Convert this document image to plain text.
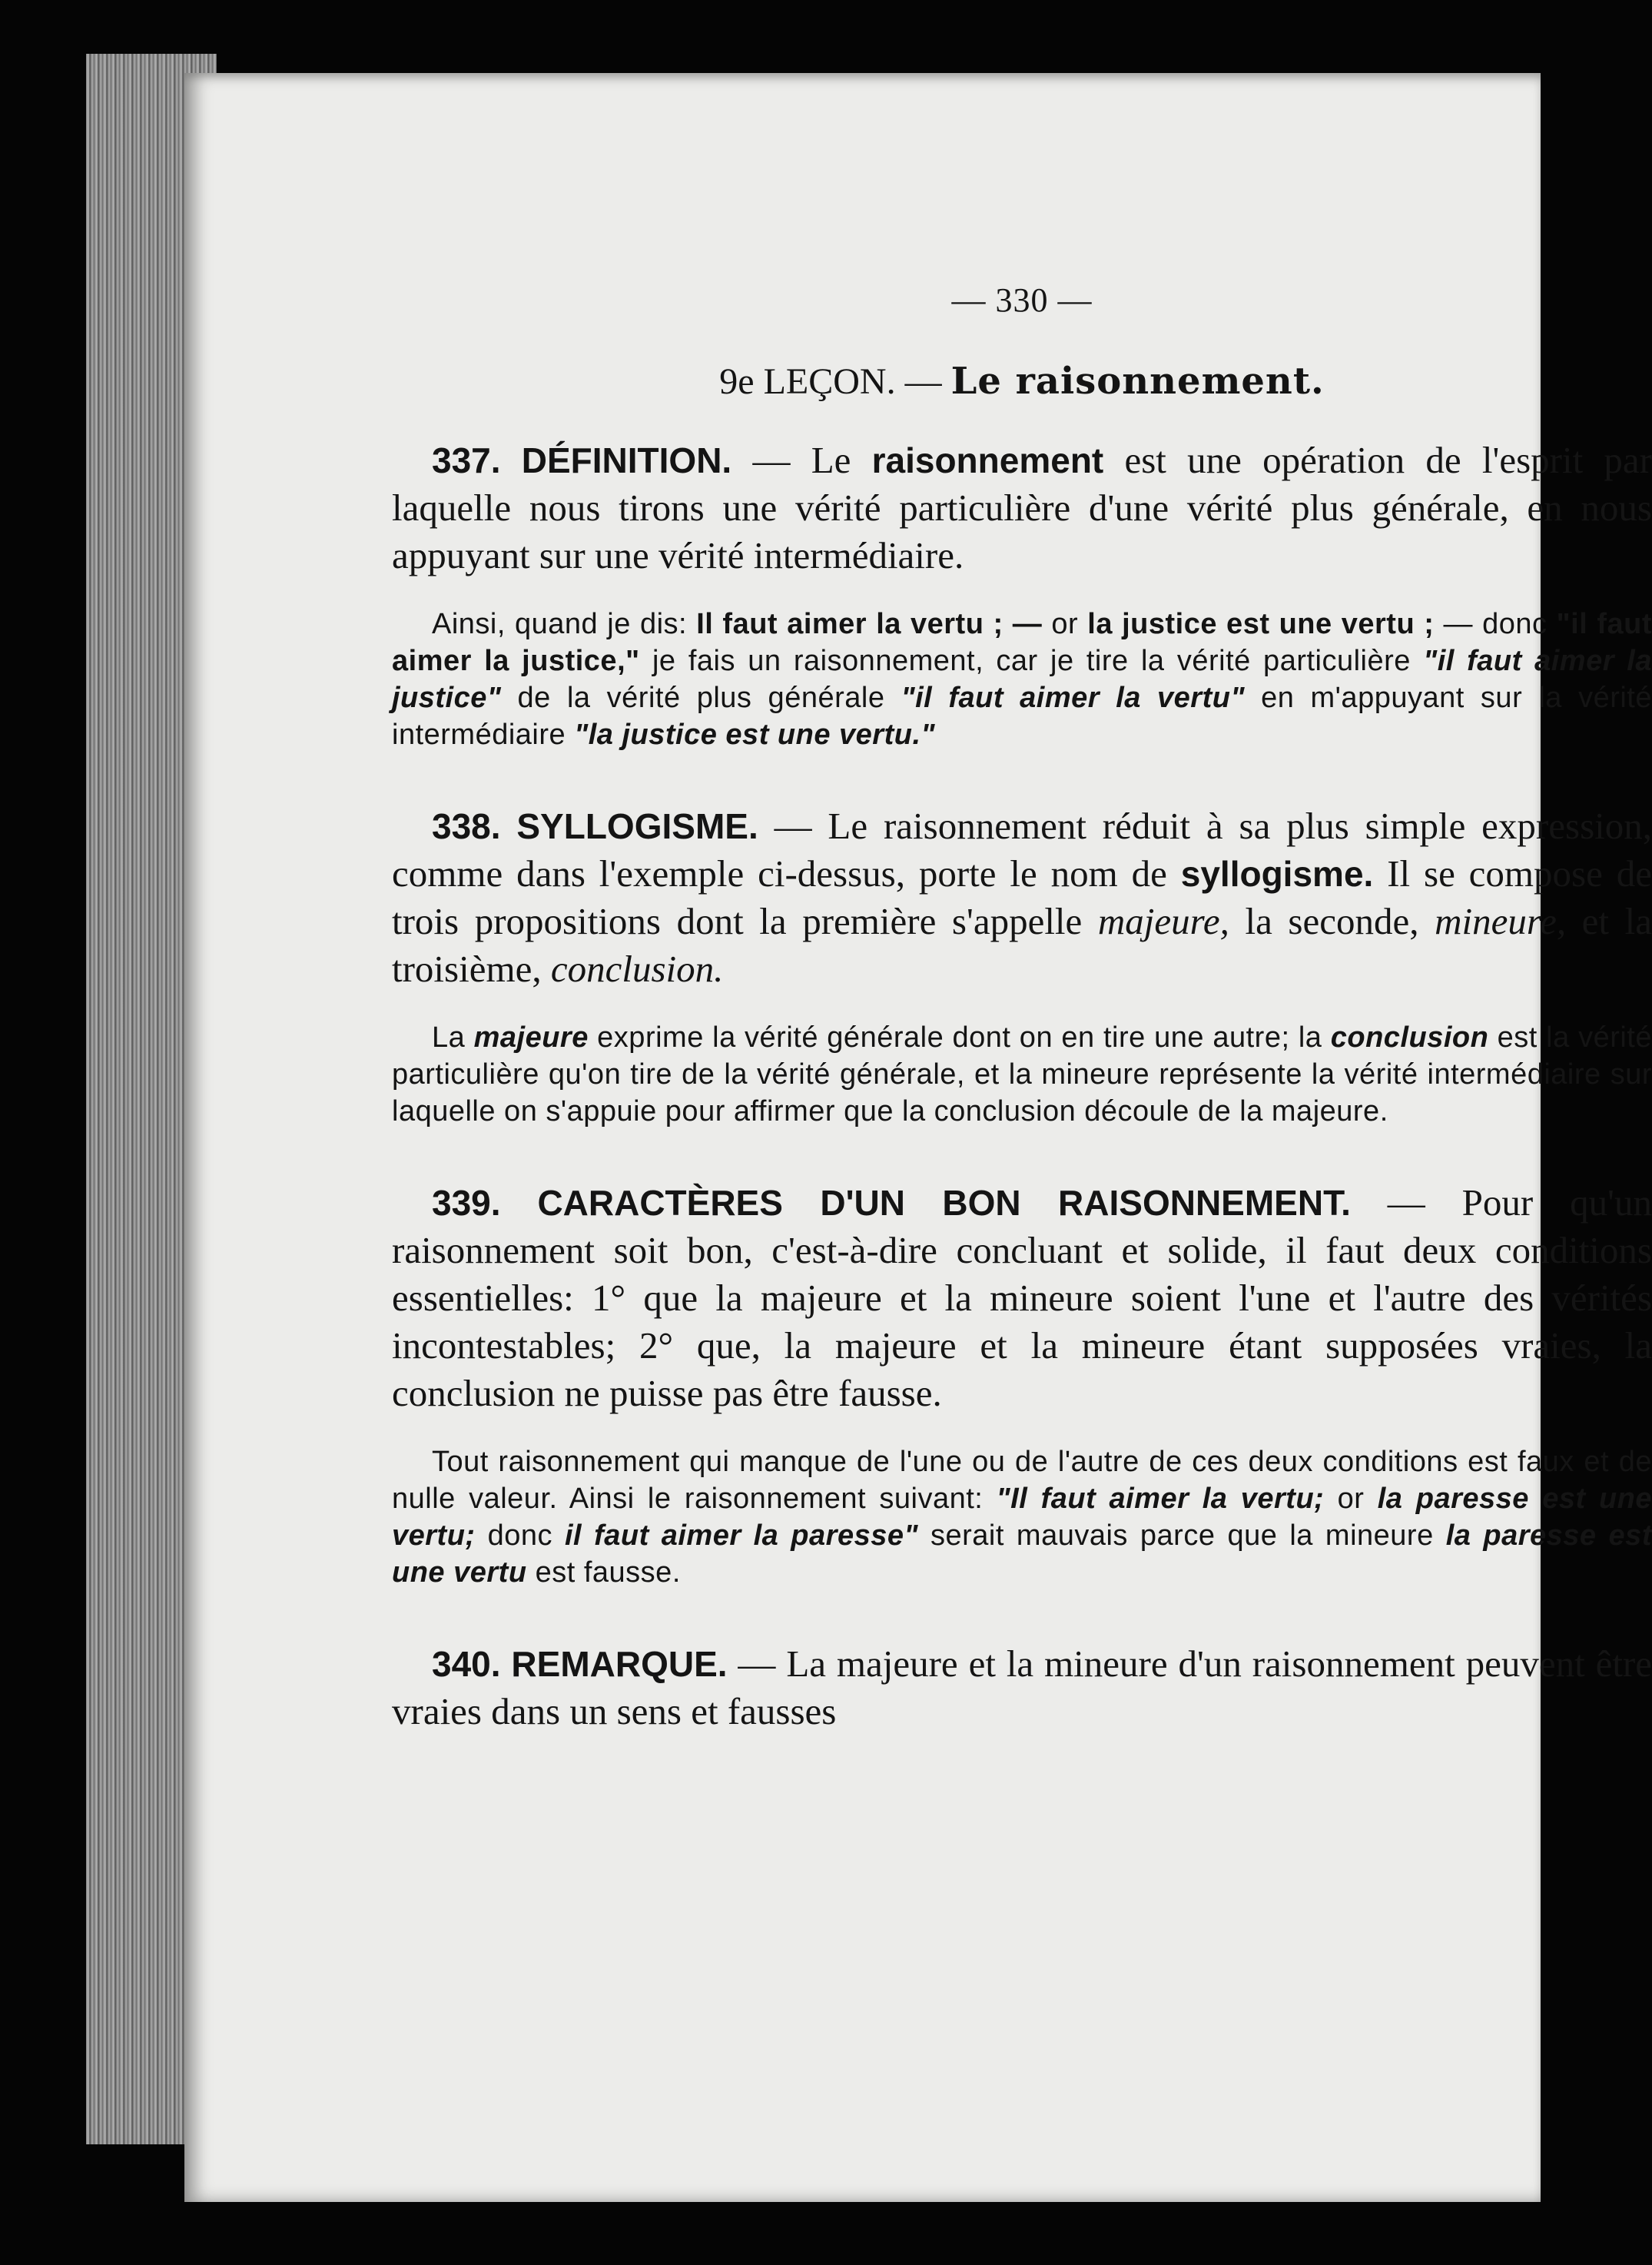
— 330 —
9e LEÇON. — Le raisonnement.

337. DÉFINITION. — Le raisonnement est une opération de l'esprit par laquelle nous tirons une vérité particulière d'une vérité plus générale, en nous appuyant sur une vérité intermédiaire.

Ainsi, quand je dis: Il faut aimer la vertu ; — or la justice est une vertu ; — donc "il faut aimer la justice," je fais un raisonnement, car je tire la vérité particulière "il faut aimer la justice" de la vérité plus générale "il faut aimer la vertu" en m'appuyant sur la vérité intermédiaire "la justice est une vertu."

338. SYLLOGISME. — Le raisonnement réduit à sa plus simple expression, comme dans l'exemple ci-dessus, porte le nom de syllogisme. Il se compose de trois propositions dont la première s'appelle majeure, la seconde, mineure, et la troisième, conclusion.

La majeure exprime la vérité générale dont on en tire une autre; la conclusion est la vérité particulière qu'on tire de la vérité générale, et la mineure représente la vérité intermédiaire sur laquelle on s'appuie pour affirmer que la conclusion découle de la majeure.

339. CARACTÈRES D'UN BON RAISONNEMENT. — Pour qu'un raisonnement soit bon, c'est-à-dire concluant et solide, il faut deux conditions essentielles: 1° que la majeure et la mineure soient l'une et l'autre des vérités incontestables; 2° que, la majeure et la mineure étant supposées vraies, la conclusion ne puisse pas être fausse.

Tout raisonnement qui manque de l'une ou de l'autre de ces deux conditions est faux et de nulle valeur. Ainsi le raisonnement suivant: "Il faut aimer la vertu; or la paresse est une vertu; donc il faut aimer la paresse" serait mauvais parce que la mineure la paresse est une vertu est fausse.

340. REMARQUE. — La majeure et la mineure d'un raisonnement peuvent être vraies dans un sens et fausses
